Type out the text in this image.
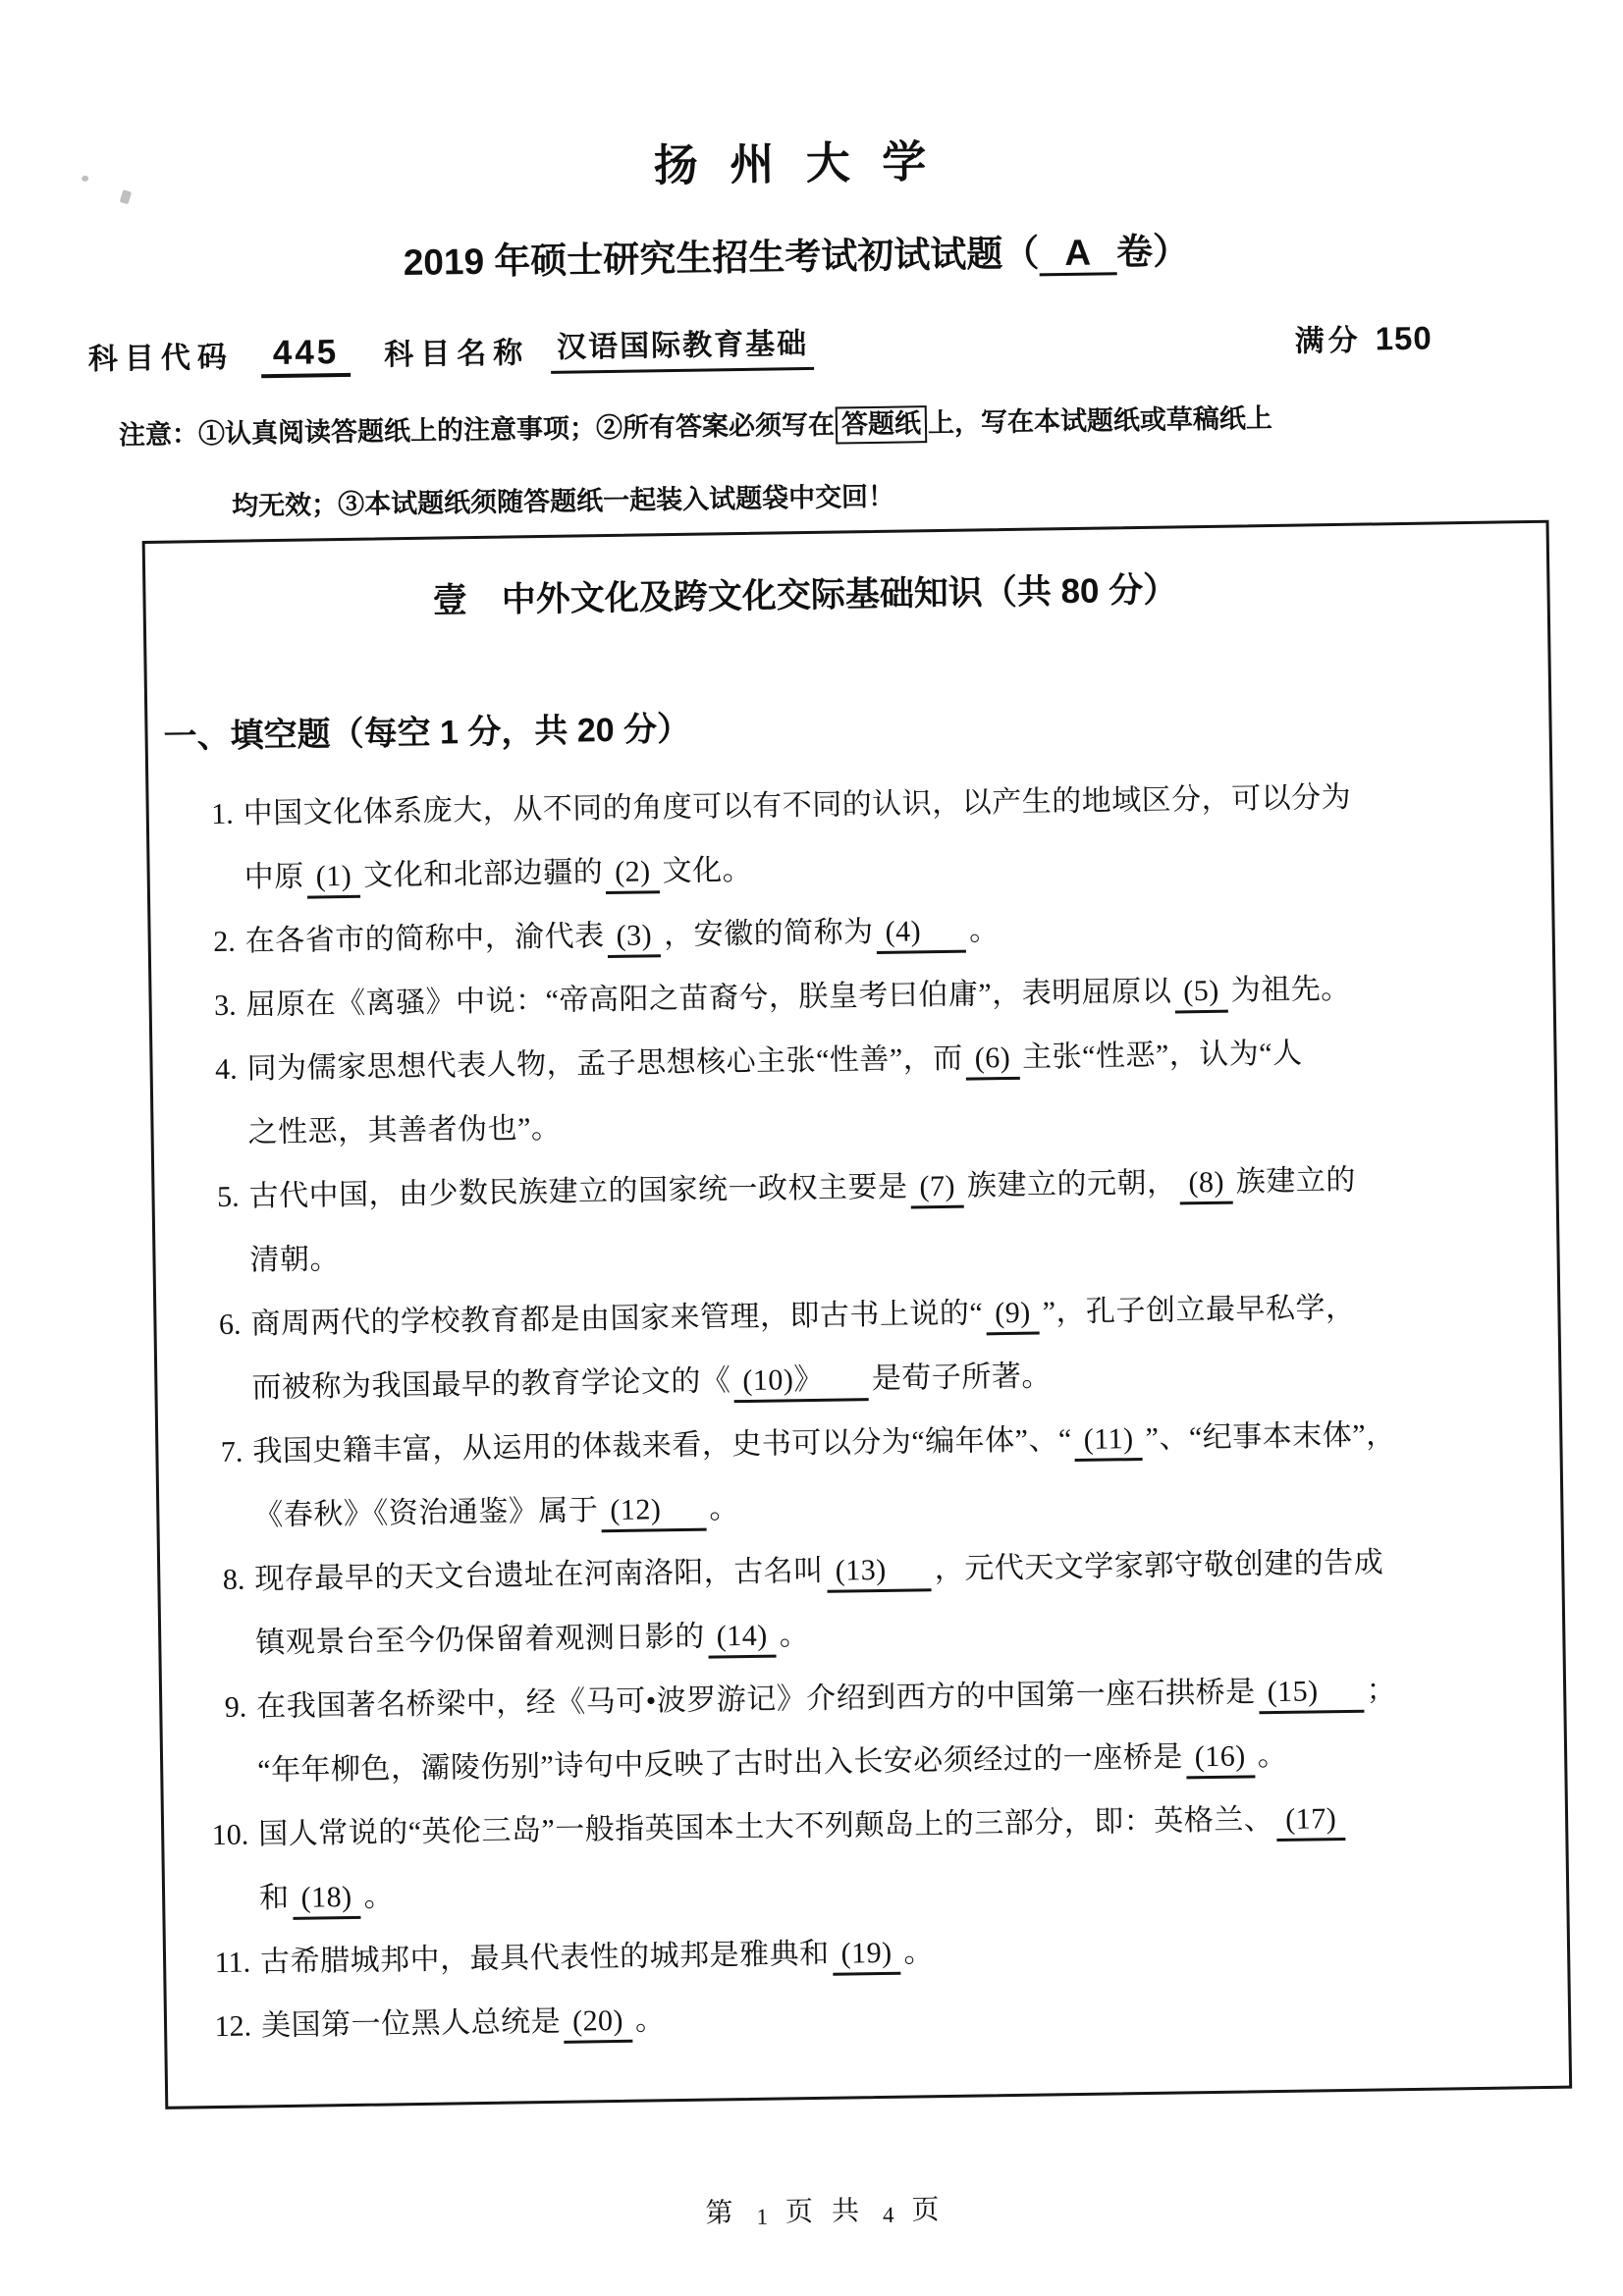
扬 州 大 学
2019 年硕士研究生招生考试初试试题（ A 卷）
科目代码	445	科目名称 汉语国际教育基础	满分 150
注意：①认真阅读答题纸上的注意事项；②所有答案必须写在 答题纸 上，写在本试题纸或草稿纸上
均无效；③本试题纸须随答题纸一起装入试题袋中交回！
壹　中外文化及跨文化交际基础知识（共 80 分）
一、填空题（每空 1 分，共 20 分）
1. 中国文化体系庞大，从不同的角度可以有不同的认识，以产生的地域区分，可以分为
中原 (1) 文化和北部边疆的 (2) 文化。
2. 在各省市的简称中，渝代表 (3) ，安徽的简称为 (4) 。
3. 屈原在《离骚》中说：“帝高阳之苗裔兮，朕皇考曰伯庸”，表明屈原以 (5) 为祖先。
4. 同为儒家思想代表人物，孟子思想核心主张“性善”，而 (6) 主张“性恶”，认为“人
之性恶，其善者伪也”。
5. 古代中国，由少数民族建立的国家统一政权主要是 (7) 族建立的元朝， (8) 族建立的
清朝。
6. 商周两代的学校教育都是由国家来管理，即古书上说的“ (9) ”，孔子创立最早私学，
而被称为我国最早的教育学论文的《 (10)》 是荀子所著。
7. 我国史籍丰富，从运用的体裁来看，史书可以分为“编年体”、“ (11) ”、“纪事本末体”，
《春秋》《资治通鉴》属于 (12) 。
8. 现存最早的天文台遗址在河南洛阳，古名叫 (13) ，元代天文学家郭守敬创建的告成
镇观景台至今仍保留着观测日影的 (14) 。
9. 在我国著名桥梁中，经《马可•波罗游记》介绍到西方的中国第一座石拱桥是 (15) ；
“年年柳色，灞陵伤别”诗句中反映了古时出入长安必须经过的一座桥是 (16) 。
10. 国人常说的“英伦三岛”一般指英国本土大不列颠岛上的三部分，即：英格兰、 (17)
和 (18) 。
11. 古希腊城邦中，最具代表性的城邦是雅典和 (19) 。
12. 美国第一位黑人总统是 (20) 。
第 1 页 共 4 页
